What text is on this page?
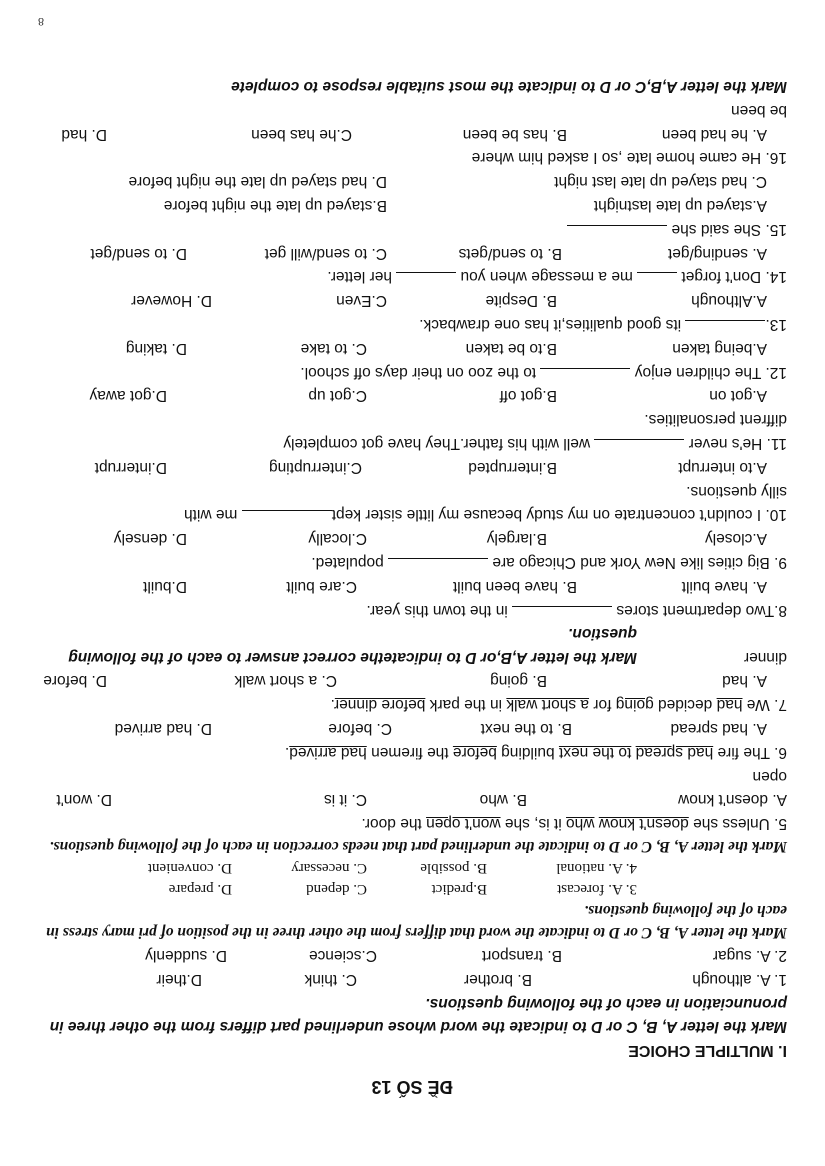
ĐỀ SỐ 13
I. MULTIPLE CHOICE
Mark the letter A, B, C or D to indicate the word whose underlined part differs from the other three in pronunciation in each of the following questions.
1. A. although
B. brother
C. think
D.their
2. A. sugar
B. transport
C.science
D. suddenly
Mark the letter A, B, C or D to indicate the word that differs from the other three in the position of pri mary stress in each of the following questions.
3. A. forecast
B.predict
C. depend
D. prepare
4. A. national
B. possible
C. necessary
D. convenient
Mark the letter A, B, C or D to indicate the underlined part that needs correction in each of the following questions.
5. Unless she doesn't know who it is, she won't open the door.
A. doesn't know
B. who
C. it is
D. won't
open
6. The fire had spread to the next building before the firemen had arrived.
A. had spread
B. to the next
C. before
D. had arrived
7. We had decided going for a short walk in the park before dinner.
A. had
B. going
C. a short walk
D. before
dinner
Mark the letter A,B,or D to indicatethe correct answer to each of the following question.
8.Two department stores  in the town this year.
A. have built
B. have been built
C.are built
D.built
9. Big cities like New York and Chicago are  populated.
A.closely
B.largely
C.locally
D. densely
10. I couldn't concentrate on my study because my little sister kept me with
silly questions.
A.to interrupt
B.interrupted
C.interrupting
D.interrupt
11. He's never  well with his father.They have got completely
diffrent personalities.
A.got on
B.got off
C.got up
D.got away
12. The children enjoy  to the zoo on their days off school.
A.being taken
B.to be taken
C. to take
D. taking
13. its good qualities,it has one drawback.
A.Although
B. Despite
C.Even
D. However
14. Don't forget  me a message when you  her letter.
A. sending/get
B. to send/gets
C. to send/will get
D. to send/get
15. She said she
A.stayed up late lastnight
B.stayed up late the night before
C. had stayed up late last night
D. had stayed up late the night before
16. He came home late ,so I asked him where
A. he had been
B. has be been
C.he has been
D. had
be been
Mark the letter A,B,C or D to indicate the most suitable respose to complete
8
